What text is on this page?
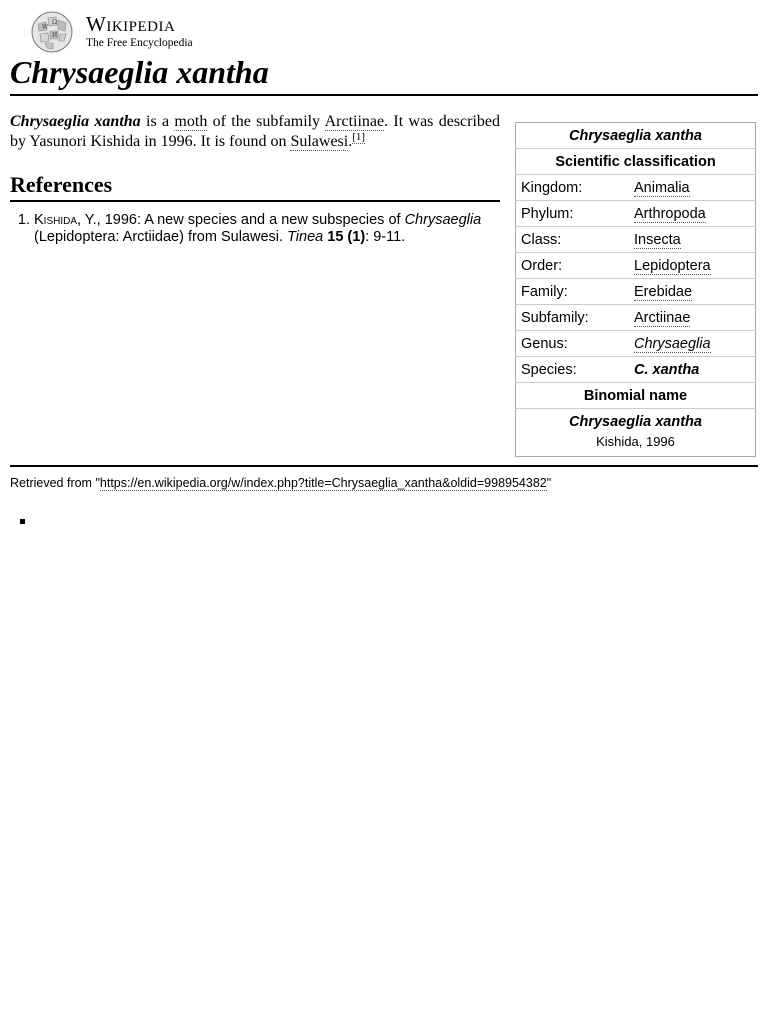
W
Ω
И Wikipedia
The Free Encyclopedia
Chrysaeglia xantha

Chrysaeglia xantha is a moth of the subfamily Arctiinae. It was described by Yasunori Kishida in 1996. It is found on Sulawesi.[1]

References
1. Kishida, Y., 1996: A new species and a new subspecies of Chrysaeglia (Lepidoptera: Arctiidae) from Sulawesi. Tinea 15 (1): 9-11.
Chrysaeglia xantha	
Scientific classification	
Kingdom:	Animalia
Phylum:	Arthropoda
Class:	Insecta
Order:	Lepidoptera
Family:	Erebidae
Subfamily:	Arctiinae
Genus:	Chrysaeglia
Species:	C. xantha
Binomial name	
Chrysaeglia xantha	
Kishida, 1996	
Retrieved from "https://en.wikipedia.org/w/index.php?title=Chrysaeglia_xantha&oldid=998954382"
